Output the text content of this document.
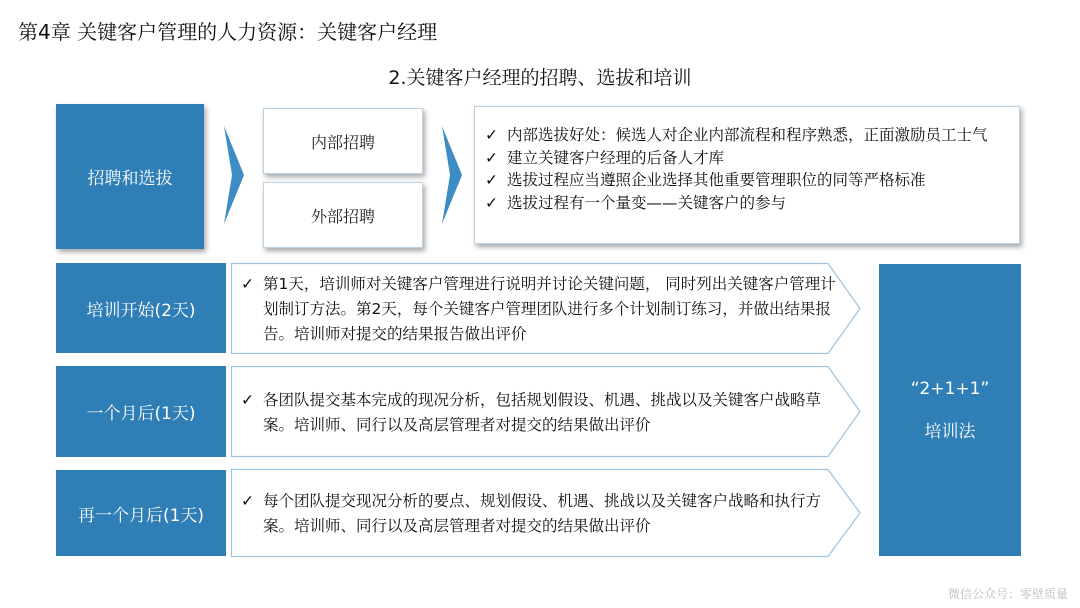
第4章 关键客户管理的人力资源：关键客户经理
2.关键客户经理的招聘、选拔和培训
招聘和选拔
内部招聘
外部招聘
✓ 内部选拔好处：候选人对企业内部流程和程序熟悉，正面激励员工士气
✓ 建立关键客户经理的后备人才库
✓ 选拔过程应当遵照企业选择其他重要管理职位的同等严格标准
✓ 选拔过程有一个量变——关键客户的参与
培训开始(2天)
✓ 第1天，培训师对关键客户管理进行说明并讨论关键问题， 同时列出关键客户管理计划制订方法。第2天，每个关键客户管理团队进行多个计划制订练习，并做出结果报告。培训师对提交的结果报告做出评价
一个月后(1天)
✓ 各团队提交基本完成的现况分析，包括规划假设、机遇、挑战以及关键客户战略草案。培训师、同行以及高层管理者对提交的结果做出评价
再一个月后(1天)
✓ 每个团队提交现况分析的要点、规划假设、机遇、挑战以及关键客户战略和执行方案。培训师、同行以及高层管理者对提交的结果做出评价
“2+1+1”
培训法
微信公众号：零壁质量
